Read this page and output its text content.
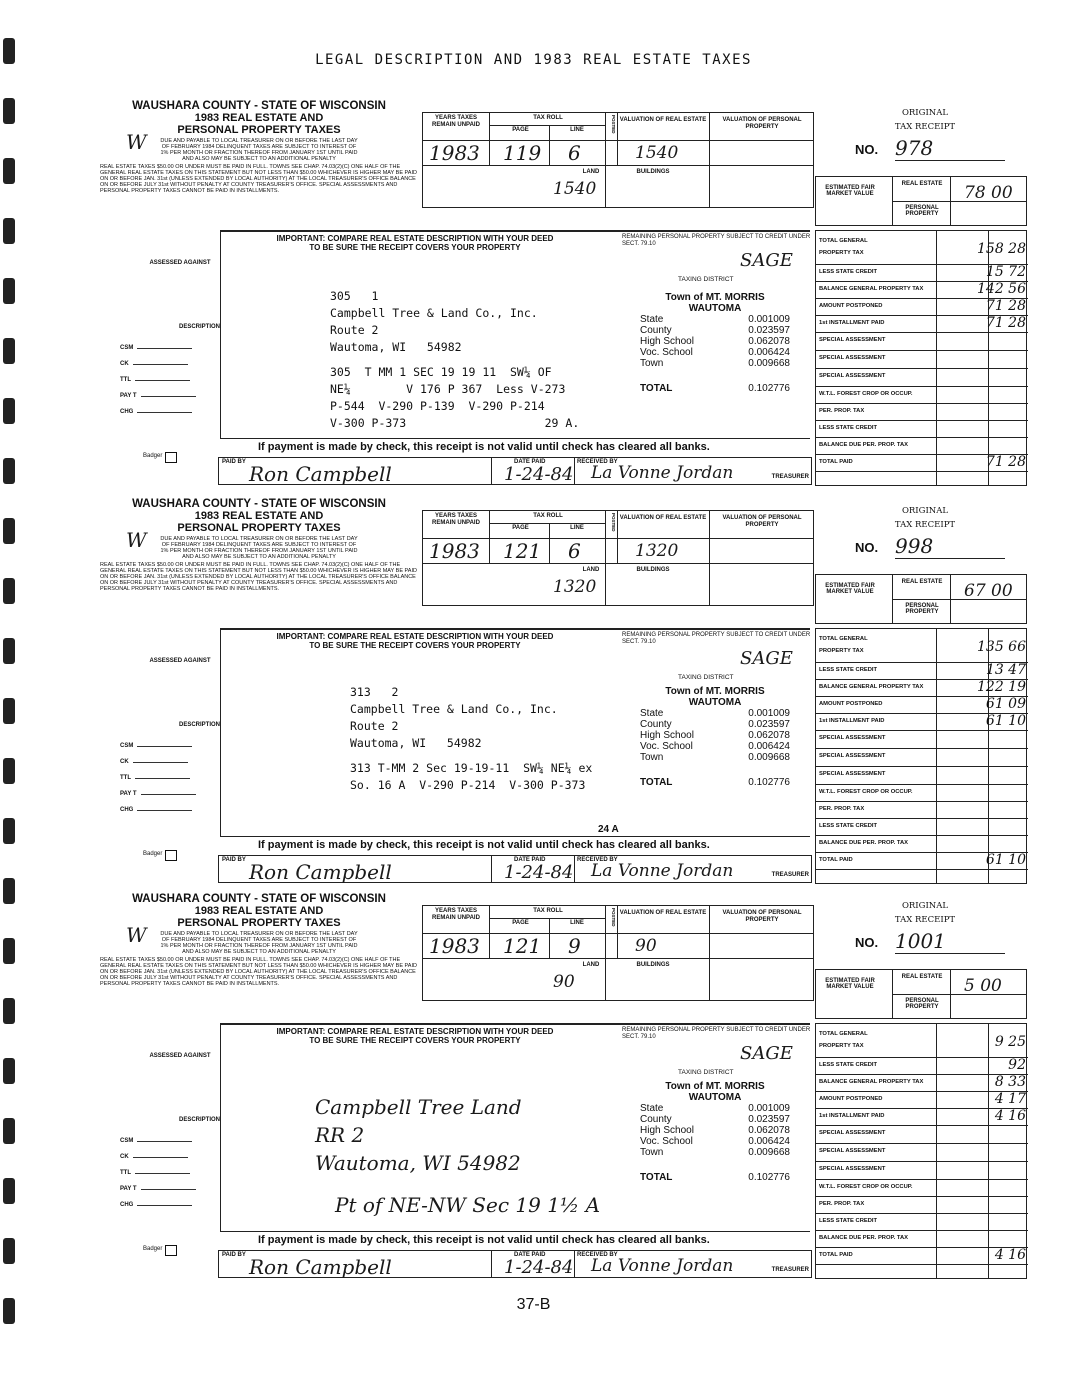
LEGAL DESCRIPTION AND 1983 REAL ESTATE TAXES
WAUSHARA COUNTY - STATE OF WISCONSIN
1983 REAL ESTATE AND
PERSONAL PROPERTY TAXES
DUE AND PAYABLE TO LOCAL TREASURER ON OR BEFORE THE LAST DAY OF FEBRUARY 1984 DELINQUENT TAXES ARE SUBJECT TO INTEREST OF 1% PER MONTH OR FRACTION THEREOF FROM JANUARY 1ST UNTIL PAID AND ALSO MAY BE SUBJECT TO AN ADDITIONAL PENALTY
REAL ESTATE TAXES $50.00 OR UNDER MUST BE PAID IN FULL. TOWNS SEE CHAP. 74.03(2)(C) ONE HALF OF THE GENERAL REAL ESTATE TAXES ON THIS STATEMENT BUT NOT LESS THAN $50.00 WHICHEVER IS HIGHER MAY BE PAID ON OR BEFORE JAN. 31st (UNLESS EXTENDED BY LOCAL AUTHORITY) AT THE LOCAL TREASURER'S OFFICE BALANCE ON OR BEFORE JULY 31st WITHOUT PENALTY AT COUNTY TREASURER'S OFFICE. SPECIAL ASSESSMENTS AND PERSONAL PROPERTY TAXES CANNOT BE PAID IN INSTALLMENTS.
W
YEARS TAXES REMAIN UNPAID
TAX ROLL
PAGE	LINE	POSTED VALUATION OF REAL ESTATE	VALUATION OF PERSONAL PROPERTY
1983 119 6	1540
LAND	BUILDINGS
1540
ORIGINAL
TAX RECEIPT
NO. 978
ESTIMATED FAIR MARKET VALUE
REAL ESTATE
PERSONAL PROPERTY
78 00
IMPORTANT: COMPARE REAL ESTATE DESCRIPTION WITH YOUR DEED
TO BE SURE THE RECEIPT COVERS YOUR PROPERTY
REMAINING PERSONAL PROPERTY SUBJECT TO CREDIT UNDER SECT. 79.10
SAGE
TAXING DISTRICT
ASSESSED AGAINST
DESCRIPTION
CSM
CK
TTL
PAY T
CHG
305   1
Campbell Tree & Land Co., Inc.
Route 2
Wautoma, WI   54982
305  T MM 1 SEC 19 19 11  SW¼ OF
NE¼        V 176 P 367  Less V-273
P-544  V-290 P-139  V-290 P-214
V-300 P-373                    29 A.
Town of MT. MORRIS
WAUTOMA
State	0.001009
County	0.023597
High School	0.062078
Voc. School	0.006424
Town	0.009668
TOTAL	0.102776
If payment is made by check, this receipt is not valid until check has cleared all banks.
Badger
PAID BY Ron Campbell	DATE PAID
1-24-84
RECEIVED BY
La Vonne Jordan	TREASURER
TOTAL GENERAL PROPERTY TAX	158 28
LESS STATE CREDIT	15 72
BALANCE GENERAL PROPERTY TAX	142 56
AMOUNT POSTPONED	71 28
1st INSTALLMENT PAID	71 28
SPECIAL ASSESSMENT
SPECIAL ASSESSMENT
SPECIAL ASSESSMENT
W.T.L. FOREST CROP OR OCCUP.
PER. PROP. TAX
LESS STATE CREDIT
BALANCE DUE PER. PROP. TAX
TOTAL PAID	71 28
WAUSHARA COUNTY - STATE OF WISCONSIN
1983 REAL ESTATE AND
PERSONAL PROPERTY TAXES
DUE AND PAYABLE TO LOCAL TREASURER ON OR BEFORE THE LAST DAY OF FEBRUARY 1984 DELINQUENT TAXES ARE SUBJECT TO INTEREST OF 1% PER MONTH OR FRACTION THEREOF FROM JANUARY 1ST UNTIL PAID AND ALSO MAY BE SUBJECT TO AN ADDITIONAL PENALTY
REAL ESTATE TAXES $50.00 OR UNDER MUST BE PAID IN FULL. TOWNS SEE CHAP. 74.03(2)(C) ONE HALF OF THE GENERAL REAL ESTATE TAXES ON THIS STATEMENT BUT NOT LESS THAN $50.00 WHICHEVER IS HIGHER MAY BE PAID ON OR BEFORE JAN. 31st (UNLESS EXTENDED BY LOCAL AUTHORITY) AT THE LOCAL TREASURER'S OFFICE BALANCE ON OR BEFORE JULY 31st WITHOUT PENALTY AT COUNTY TREASURER'S OFFICE. SPECIAL ASSESSMENTS AND PERSONAL PROPERTY TAXES CANNOT BE PAID IN INSTALLMENTS.
W
YEARS TAXES REMAIN UNPAID
TAX ROLL
PAGE	LINE	POSTED VALUATION OF REAL ESTATE	VALUATION OF PERSONAL PROPERTY
1983 121 6	1320
LAND	BUILDINGS
1320
ORIGINAL
TAX RECEIPT
NO. 998
ESTIMATED FAIR MARKET VALUE
REAL ESTATE
PERSONAL PROPERTY
67 00
IMPORTANT: COMPARE REAL ESTATE DESCRIPTION WITH YOUR DEED
TO BE SURE THE RECEIPT COVERS YOUR PROPERTY
REMAINING PERSONAL PROPERTY SUBJECT TO CREDIT UNDER SECT. 79.10
SAGE
TAXING DISTRICT
ASSESSED AGAINST
DESCRIPTION
CSM
CK
TTL
PAY T
CHG
313   2
Campbell Tree & Land Co., Inc.
Route 2
Wautoma, WI   54982
313 T-MM 2 Sec 19-19-11  SW¼ NE¼ ex
So. 16 A  V-290 P-214  V-300 P-373
24 A
Town of MT. MORRIS
WAUTOMA
State	0.001009
County	0.023597
High School	0.062078
Voc. School	0.006424
Town	0.009668
TOTAL	0.102776
If payment is made by check, this receipt is not valid until check has cleared all banks.
Badger
PAID BY Ron Campbell	DATE PAID
1-24-84
RECEIVED BY
La Vonne Jordan	TREASURER
TOTAL GENERAL PROPERTY TAX	135 66
LESS STATE CREDIT	13 47
BALANCE GENERAL PROPERTY TAX	122 19
AMOUNT POSTPONED	61 09
1st INSTALLMENT PAID	61 10
SPECIAL ASSESSMENT
SPECIAL ASSESSMENT
SPECIAL ASSESSMENT
W.T.L. FOREST CROP OR OCCUP.
PER. PROP. TAX
LESS STATE CREDIT
BALANCE DUE PER. PROP. TAX
TOTAL PAID	61 10
WAUSHARA COUNTY - STATE OF WISCONSIN
1983 REAL ESTATE AND
PERSONAL PROPERTY TAXES
DUE AND PAYABLE TO LOCAL TREASURER ON OR BEFORE THE LAST DAY OF FEBRUARY 1984 DELINQUENT TAXES ARE SUBJECT TO INTEREST OF 1% PER MONTH OR FRACTION THEREOF FROM JANUARY 1ST UNTIL PAID AND ALSO MAY BE SUBJECT TO AN ADDITIONAL PENALTY
REAL ESTATE TAXES $50.00 OR UNDER MUST BE PAID IN FULL. TOWNS SEE CHAP. 74.03(2)(C) ONE HALF OF THE GENERAL REAL ESTATE TAXES ON THIS STATEMENT BUT NOT LESS THAN $50.00 WHICHEVER IS HIGHER MAY BE PAID ON OR BEFORE JAN. 31st (UNLESS EXTENDED BY LOCAL AUTHORITY) AT THE LOCAL TREASURER'S OFFICE BALANCE ON OR BEFORE JULY 31st WITHOUT PENALTY AT COUNTY TREASURER'S OFFICE. SPECIAL ASSESSMENTS AND PERSONAL PROPERTY TAXES CANNOT BE PAID IN INSTALLMENTS.
W
YEARS TAXES REMAIN UNPAID
TAX ROLL
PAGE	LINE	POSTED VALUATION OF REAL ESTATE	VALUATION OF PERSONAL PROPERTY
1983 121 9	90
LAND	BUILDINGS
90
ORIGINAL
TAX RECEIPT
NO. 1001
ESTIMATED FAIR MARKET VALUE
REAL ESTATE
PERSONAL PROPERTY
5 00
IMPORTANT: COMPARE REAL ESTATE DESCRIPTION WITH YOUR DEED
TO BE SURE THE RECEIPT COVERS YOUR PROPERTY
REMAINING PERSONAL PROPERTY SUBJECT TO CREDIT UNDER SECT. 79.10
SAGE
TAXING DISTRICT
ASSESSED AGAINST
DESCRIPTION
CSM
CK
TTL
PAY T
CHG
Campbell Tree Land
RR 2
Wautoma, WI 54982
Pt of NE-NW Sec 19 1½ A
Town of MT. MORRIS
WAUTOMA
State	0.001009
County	0.023597
High School	0.062078
Voc. School	0.006424
Town	0.009668
TOTAL	0.102776
If payment is made by check, this receipt is not valid until check has cleared all banks.
Badger
PAID BY Ron Campbell	DATE PAID
1-24-84
RECEIVED BY
La Vonne Jordan	TREASURER
TOTAL GENERAL PROPERTY TAX	9 25
LESS STATE CREDIT	92
BALANCE GENERAL PROPERTY TAX	8 33
AMOUNT POSTPONED	4 17
1st INSTALLMENT PAID	4 16
SPECIAL ASSESSMENT
SPECIAL ASSESSMENT
SPECIAL ASSESSMENT
W.T.L. FOREST CROP OR OCCUP.
PER. PROP. TAX
LESS STATE CREDIT
BALANCE DUE PER. PROP. TAX
TOTAL PAID	4 16
37-B
